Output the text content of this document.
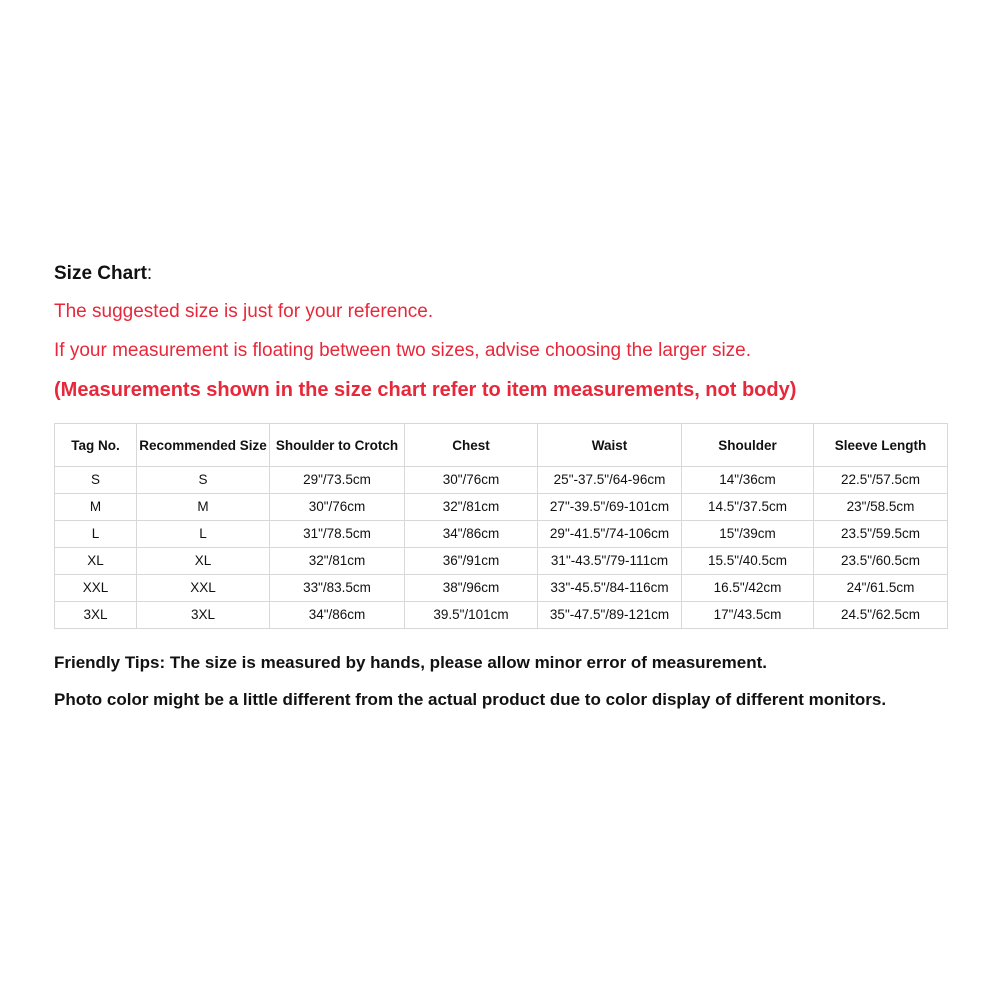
Size Chart:

The suggested size is just for your reference.

If your measurement is floating between two sizes, advise choosing the larger size.

(Measurements shown in the size chart refer to item measurements, not body)

Tag No.	Recommended Size	Shoulder to Crotch	Chest	Waist	Shoulder	Sleeve Length
S	S	29"/73.5cm	30"/76cm	25"-37.5"/64-96cm	14"/36cm	22.5"/57.5cm
M	M	30"/76cm	32"/81cm	27"-39.5"/69-101cm	14.5"/37.5cm	23"/58.5cm
L	L	31"/78.5cm	34"/86cm	29"-41.5"/74-106cm	15"/39cm	23.5"/59.5cm
XL	XL	32"/81cm	36"/91cm	31"-43.5"/79-111cm	15.5"/40.5cm	23.5"/60.5cm
XXL	XXL	33"/83.5cm	38"/96cm	33"-45.5"/84-116cm	16.5"/42cm	24"/61.5cm
3XL	3XL	34"/86cm	39.5"/101cm	35"-47.5"/89-121cm	17"/43.5cm	24.5"/62.5cm

Friendly Tips: The size is measured by hands, please allow minor error of measurement.

Photo color might be a little different from the actual product due to color display of different monitors.
